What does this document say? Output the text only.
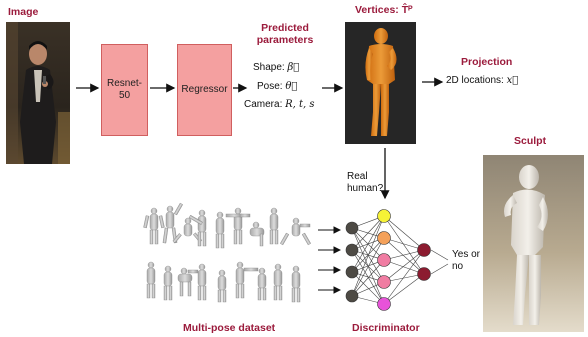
Image
Predicted parameters
Vertices: T̂ᴾ
Projection
Sculpt
Multi-pose dataset	Discriminator
Resnet-50
Regressor
Shape: β⃗
Pose: θ⃗
Camera: R, t, s
2D locations: x⃗
Real human?
Yes or no
